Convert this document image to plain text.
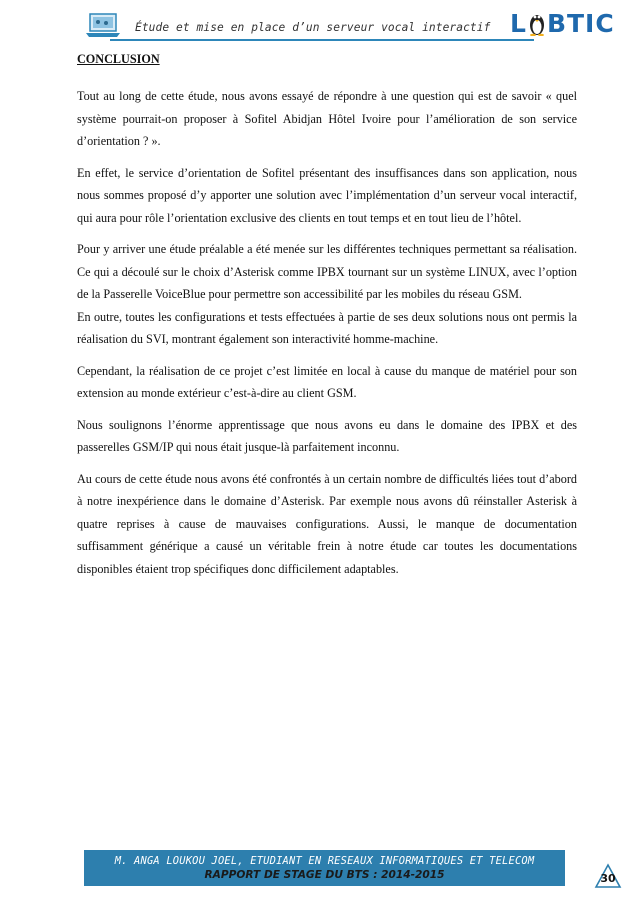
Étude et mise en place d’un serveur vocal interactif L BTIC
CONCLUSION

Tout au long de cette étude, nous avons essayé de répondre à une question qui est de savoir « quel système pourrait-on proposer à Sofitel Abidjan Hôtel Ivoire pour l’amélioration de son service d’orientation ? ».

En effet, le service d’orientation de Sofitel présentant des insuffisances dans son application, nous nous sommes proposé d’y apporter une solution avec l’implémentation d’un serveur vocal interactif, qui aura pour rôle l’orientation exclusive des clients en tout temps et en tout lieu de l’hôtel.

Pour y arriver une étude préalable a été menée sur les différentes techniques permettant sa réalisation. Ce qui a découlé sur le choix d’Asterisk comme IPBX tournant sur un système LINUX, avec l’option de la Passerelle VoiceBlue pour permettre son accessibilité par les mobiles du réseau GSM.

En outre, toutes les configurations et tests effectuées à partie de ses deux solutions nous ont permis la réalisation du SVI, montrant également son interactivité homme-machine.

Cependant, la réalisation de ce projet c’est limitée en local à cause du manque de matériel pour son extension au monde extérieur c’est-à-dire au client GSM.

Nous soulignons l’énorme apprentissage que nous avons eu dans le domaine des IPBX et des passerelles GSM/IP qui nous était jusque-là parfaitement inconnu.

Au cours de cette étude nous avons été confrontés à un certain nombre de difficultés liées tout d’abord à notre inexpérience dans le domaine d’Asterisk. Par exemple nous avons dû réinstaller Asterisk à quatre reprises à cause de mauvaises configurations. Aussi, le manque de documentation suffisamment générique a causé un véritable frein à notre étude car toutes les documentations disponibles étaient trop spécifiques donc difficilement adaptables.

M. ANGA LOUKOU JOEL, ETUDIANT EN RESEAUX INFORMATIQUES ET TELECOM
RAPPORT DE STAGE DU BTS : 2014-2015	30
